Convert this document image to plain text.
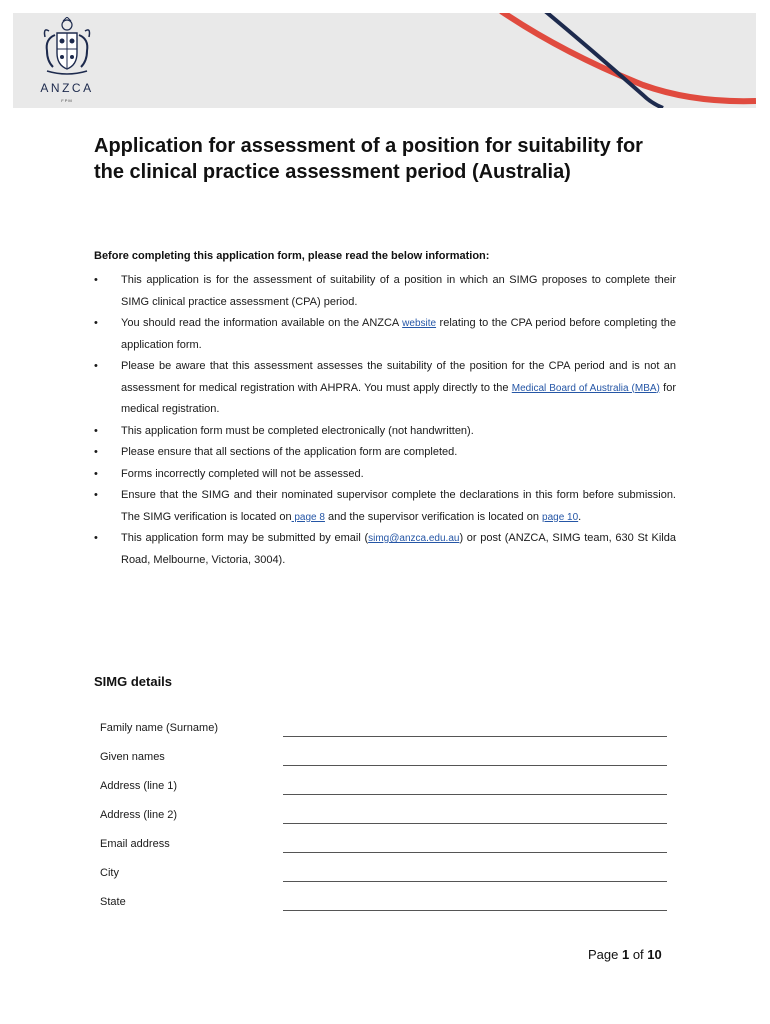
ANZCA
FPM
Application for assessment of a position for suitability for the clinical practice assessment period (Australia)
Before completing this application form, please read the below information:
• This application is for the assessment of suitability of a position in which an SIMG proposes to complete their SIMG clinical practice assessment (CPA) period.
• You should read the information available on the ANZCA website relating to the CPA period before completing the application form.
• Please be aware that this assessment assesses the suitability of the position for the CPA period and is not an assessment for medical registration with AHPRA. You must apply directly to the Medical Board of Australia (MBA) for medical registration.
• This application form must be completed electronically (not handwritten).
• Please ensure that all sections of the application form are completed.
• Forms incorrectly completed will not be assessed.
• Ensure that the SIMG and their nominated supervisor complete the declarations in this form before submission. The SIMG verification is located on page 8 and the supervisor verification is located on page 10.
• This application form may be submitted by email (simg@anzca.edu.au) or post (ANZCA, SIMG team, 630 St Kilda Road, Melbourne, Victoria, 3004).
SIMG details
Family name (Surname)
Given names
Address (line 1)
Address (line 2)
Email address
City
State
Page 1 of 10
